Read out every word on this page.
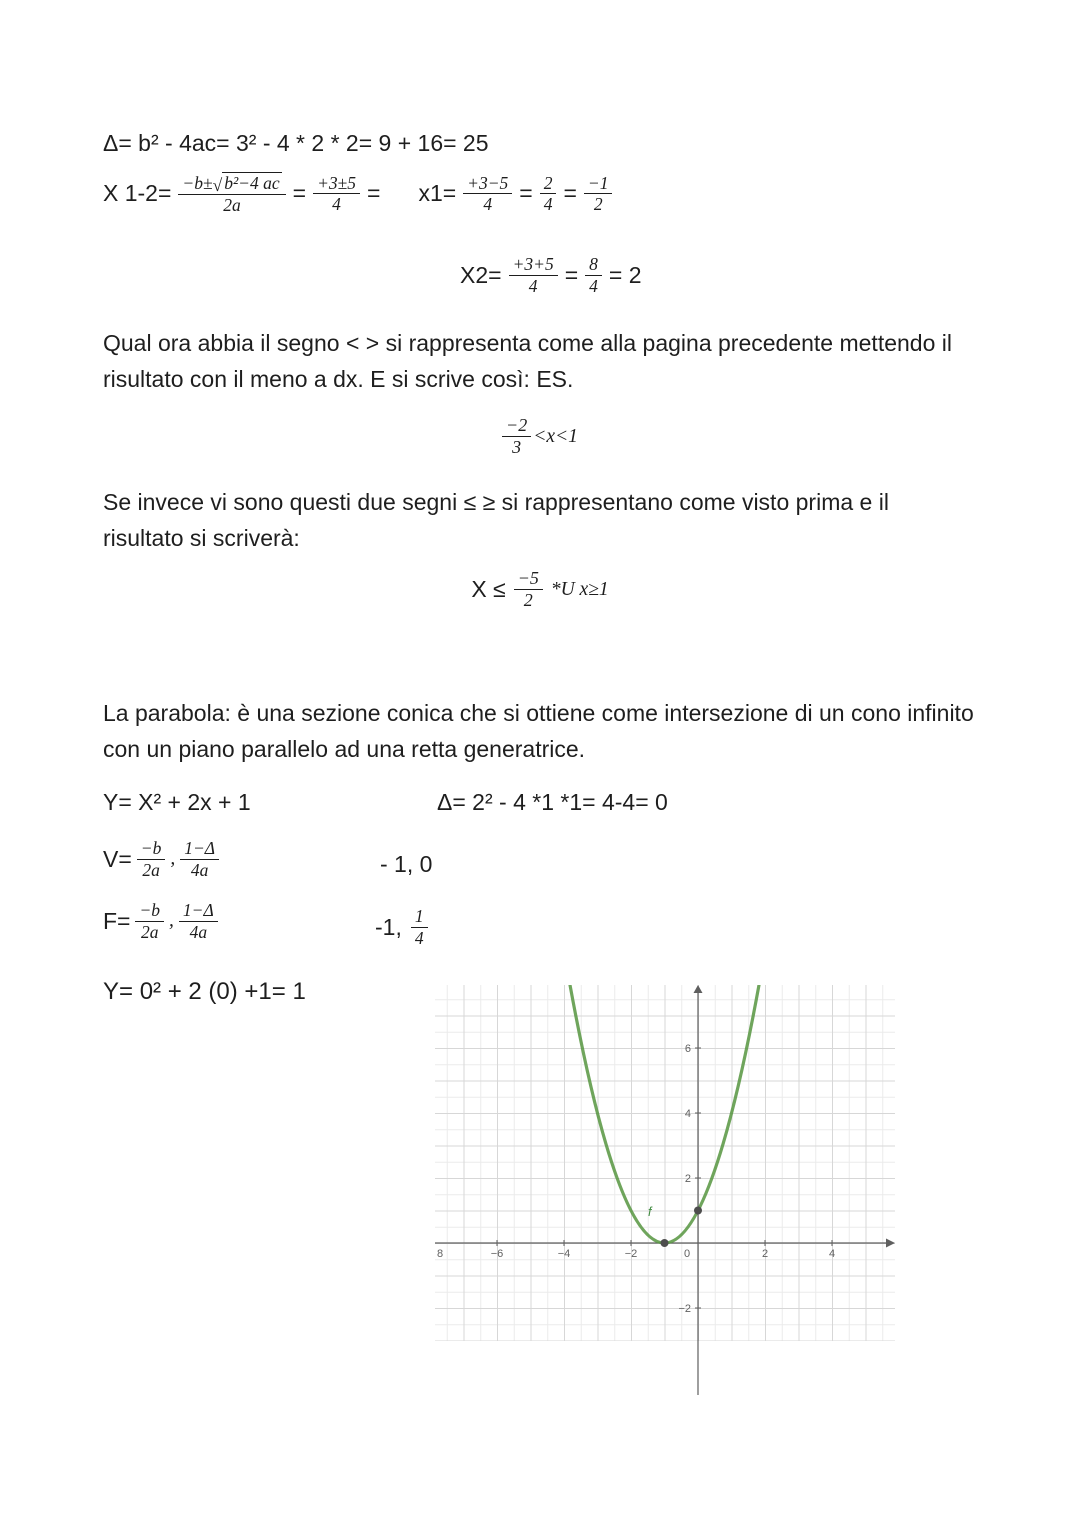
Δ= b² - 4ac= 3² - 4 * 2 * 2= 9 + 16= 25
X $1-2= \frac{\text{−b± √ b²−4 ac}}{2a} = \frac{+3\pm 5}{4} = x1= \frac{+3-5}{4} = \frac{2}{4} = \frac{-1}{2}$
$X2= \frac{+3+5}{4} = \frac{8}{4} = 2$
Qual ora abbia il segno < > si rappresenta come alla pagina precedente mettendo il risultato con il meno a dx. E si scrive così: ES.
$\frac{-2}{3} <x<1$
Se invece vi sono questi due segni ≤ ≥ si rappresentano come visto prima e il risultato si scriverà:
$X \le \frac{-5}{2} *U$ x≥1
La parabola: è una sezione conica che si ottiene come intersezione di un cono infinito con un piano parallelo ad una retta generatrice.
Y= X² + 2x + 1	Δ= 2² - 4 *1 *1= 4-4= 0
$V= \frac{-b}{2a}$ , $\frac{1-\Delta}{4a}$	- 1, 0
$F= \frac{-b}{2a}$ , $\frac{1-\Delta}{4a}$	-1, $\frac{1}{4}$
Y= 0² + 2 (0) +1= 1
8	−6	−4	−2	0	2	4
6
4
2
−2
f
